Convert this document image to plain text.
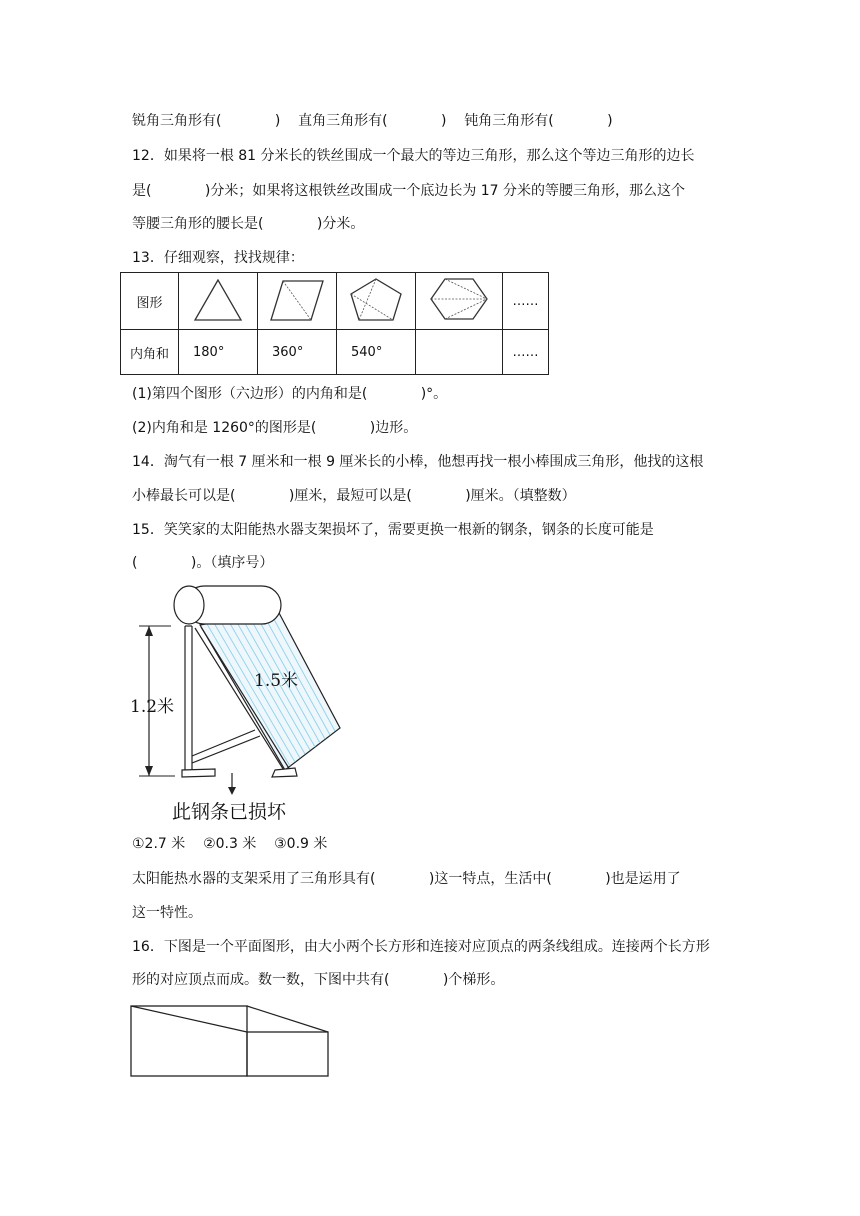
锐角三角形有(            )    直角三角形有(            )    钝角三角形有(            )
12．如果将一根 81 分米长的铁丝围成一个最大的等边三角形，那么这个等边三角形的边长
是(            )分米；如果将这根铁丝改围成一个底边长为 17 分米的等腰三角形，那么这个
等腰三角形的腰长是(            )分米。
13．仔细观察，找找规律：
图形					……
内角和	180°	360°	540°		……
(1)第四个图形（六边形）的内角和是(            )°。
(2)内角和是 1260°的图形是(            )边形。
14．淘气有一根 7 厘米和一根 9 厘米长的小棒，他想再找一根小棒围成三角形，他找的这根
小棒最长可以是(            )厘米，最短可以是(            )厘米。（填整数）
15．笑笑家的太阳能热水器支架损坏了，需要更换一根新的钢条，钢条的长度可能是
(            )。（填序号）
1.2米
1.5米
此钢条已损坏
①2.7 米    ②0.3 米    ③0.9 米
太阳能热水器的支架采用了三角形具有(            )这一特点，生活中(            )也是运用了
这一特性。
16．下图是一个平面图形，由大小两个长方形和连接对应顶点的两条线组成。连接两个长方形
形的对应顶点而成。数一数，下图中共有(            )个梯形。
